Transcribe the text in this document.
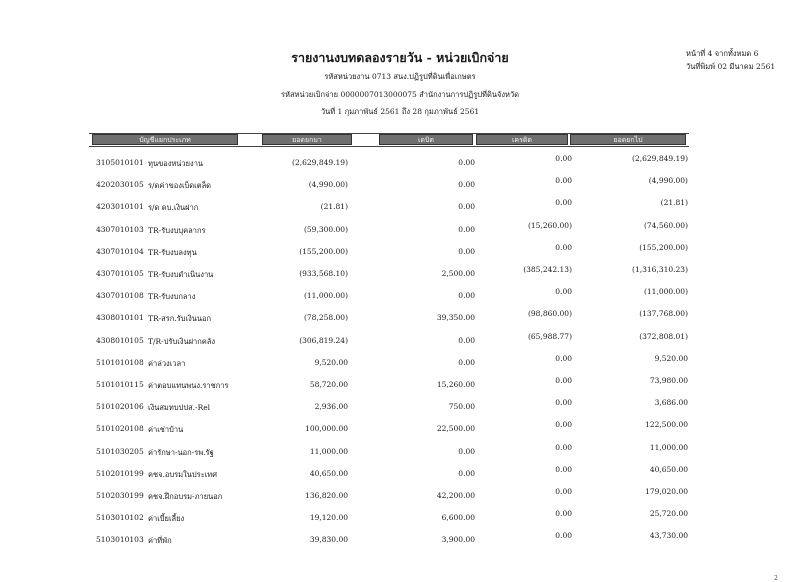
รายงานงบทดลองรายวัน - หน่วยเบิกจ่าย
รหัสหน่วยงาน 0713 สนง.ปฏิรูปที่ดินเพื่อเกษตร
รหัสหน่วยเบิกจ่าย 0000007013000075 สำนักงานการปฏิรูปที่ดินจังหวัด
วันที่ 1 กุมภาพันธ์ 2561 ถึง 28 กุมภาพันธ์ 2561
หน้าที่ 4 จากทั้งหมด 6
วันที่พิมพ์ 02 มีนาคม 2561
บัญชีแยกประเภท	ยอดยกมา	เดบิต	เครดิต	ยอดยกไป
3105010101 ทุนของหน่วยงาน	(2,629,849.19)	0.00	0.00	(2,629,849.19)
4202030105 ร/ดค่าของเบ็ดเตล็ด	(4,990.00)	0.00	0.00	(4,990.00)
4203010101 ร/ด ดบ.เงินฝาก	(21.81)	0.00	0.00	(21.81)
4307010103 TR-รับงบบุคลากร	(59,300.00)	0.00	(15,260.00)	(74,560.00)
4307010104 TR-รับงบลงทุน	(155,200.00)	0.00	0.00	(155,200.00)
4307010105 TR-รับงบดำเนินงาน	(933,568.10)	2,500.00	(385,242.13)	(1,316,310.23)
4307010108 TR-รับงบกลาง	(11,000.00)	0.00	0.00	(11,000.00)
4308010101 TR-สรก.รับเงินนอก	(78,258.00)	39,350.00	(98,860.00)	(137,768.00)
4308010105 T/R-ปรับเงินฝากคลัง	(306,819.24)	0.00	(65,988.77)	(372,808.01)
5101010108 ค่าล่วงเวลา	9,520.00	0.00	0.00	9,520.00
5101010115 ค่าตอบแทนพนง.ราชการ	58,720.00	15,260.00	0.00	73,980.00
5101020106 เงินสมทบปปส.-Rel	2,936.00	750.00	0.00	3,686.00
5101020108 ค่าเช่าบ้าน	100,000.00	22,500.00	0.00	122,500.00
5101030205 ค่ารักษา-นอก-รพ.รัฐ	11,000.00	0.00	0.00	11,000.00
5102010199 คชจ.อบรมในประเทศ	40,650.00	0.00	0.00	40,650.00
5102030199 คชจ.ฝึกอบรม-ภายนอก	136,820.00	42,200.00	0.00	179,020.00
5103010102 ค่าเบี้ยเลี้ยง	19,120.00	6,600.00	0.00	25,720.00
5103010103 ค่าที่พัก	39,830.00	3,900.00	0.00	43,730.00
2
